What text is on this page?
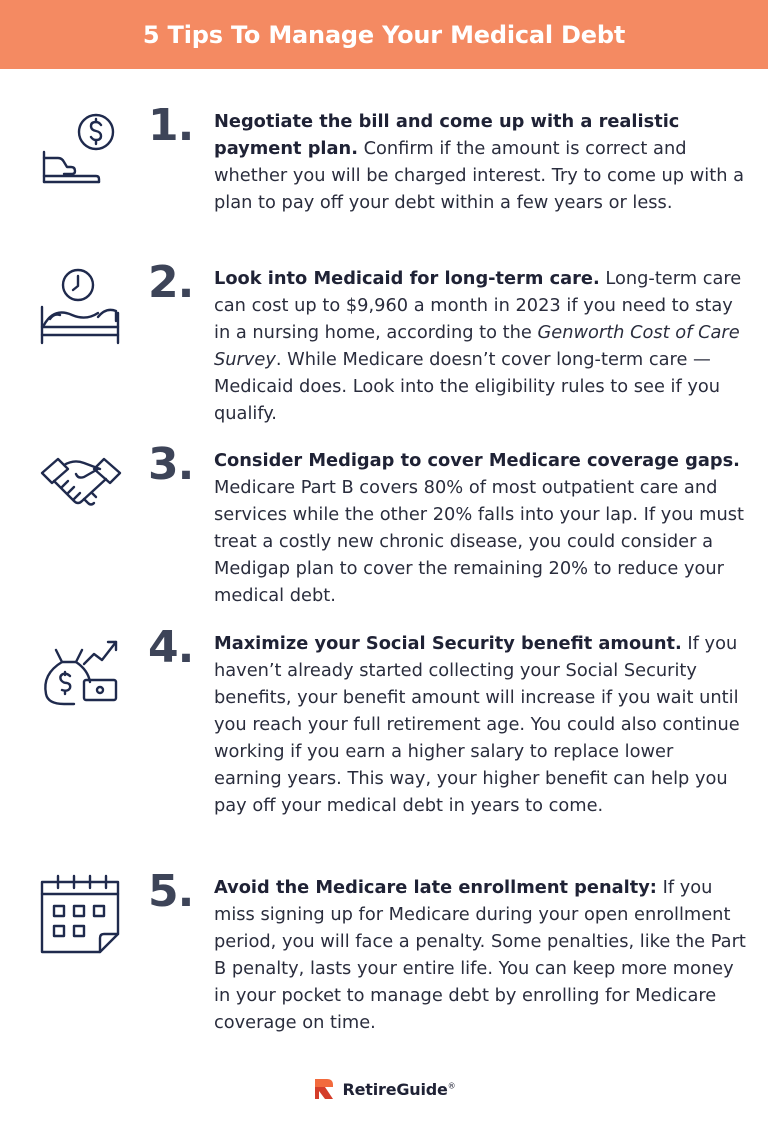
5 Tips To Manage Your Medical Debt
1. Negotiate the bill and come up with a realistic payment plan. Confirm if the amount is correct and whether you will be charged interest. Try to come up with a plan to pay off your debt within a few years or less.
2. Look into Medicaid for long-term care. Long-term care can cost up to $9,960 a month in 2023 if you need to stay in a nursing home, according to the Genworth Cost of Care Survey. While Medicare doesn’t cover long-term care — Medicaid does. Look into the eligibility rules to see if you qualify.
3. Consider Medigap to cover Medicare coverage gaps. Medicare Part B covers 80% of most outpatient care and services while the other 20% falls into your lap. If you must treat a costly new chronic disease, you could consider a Medigap plan to cover the remaining 20% to reduce your medical debt.
4. Maximize your Social Security benefit amount. If you haven’t already started collecting your Social Security benefits, your benefit amount will increase if you wait until you reach your full retirement age. You could also continue working if you earn a higher salary to replace lower earning years. This way, your higher benefit can help you pay off your medical debt in years to come.
5. Avoid the Medicare late enrollment penalty: If you miss signing up for Medicare during your open enrollment period, you will face a penalty. Some penalties, like the Part B penalty, lasts your entire life. You can keep more money in your pocket to manage debt by enrolling for Medicare coverage on time.
RetireGuide®
